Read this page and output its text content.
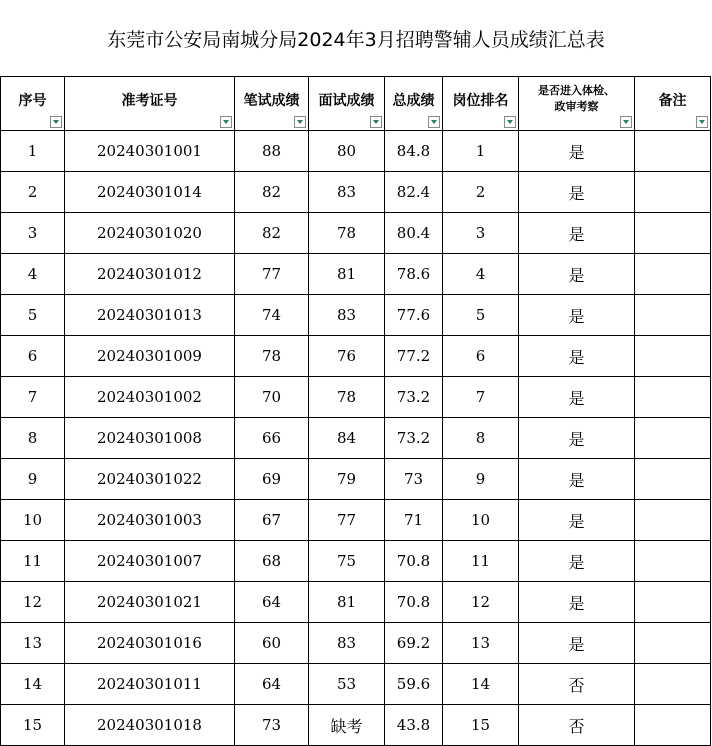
东莞市公安局南城分局2024年3月招聘警辅人员成绩汇总表
序号	准考证号	笔试成绩	面试成绩	总成绩	岗位排名	是否进入体检、政审考察	备注

1	20240301001	88	80	84.8	1	是	
2	20240301014	82	83	82.4	2	是	
3	20240301020	82	78	80.4	3	是	
4	20240301012	77	81	78.6	4	是	
5	20240301013	74	83	77.6	5	是	
6	20240301009	78	76	77.2	6	是	
7	20240301002	70	78	73.2	7	是	
8	20240301008	66	84	73.2	8	是	
9	20240301022	69	79	73	9	是	
10	20240301003	67	77	71	10	是	
11	20240301007	68	75	70.8	11	是	
12	20240301021	64	81	70.8	12	是	
13	20240301016	60	83	69.2	13	是	
14	20240301011	64	53	59.6	14	否	
15	20240301018	73	缺考	43.8	15	否	
